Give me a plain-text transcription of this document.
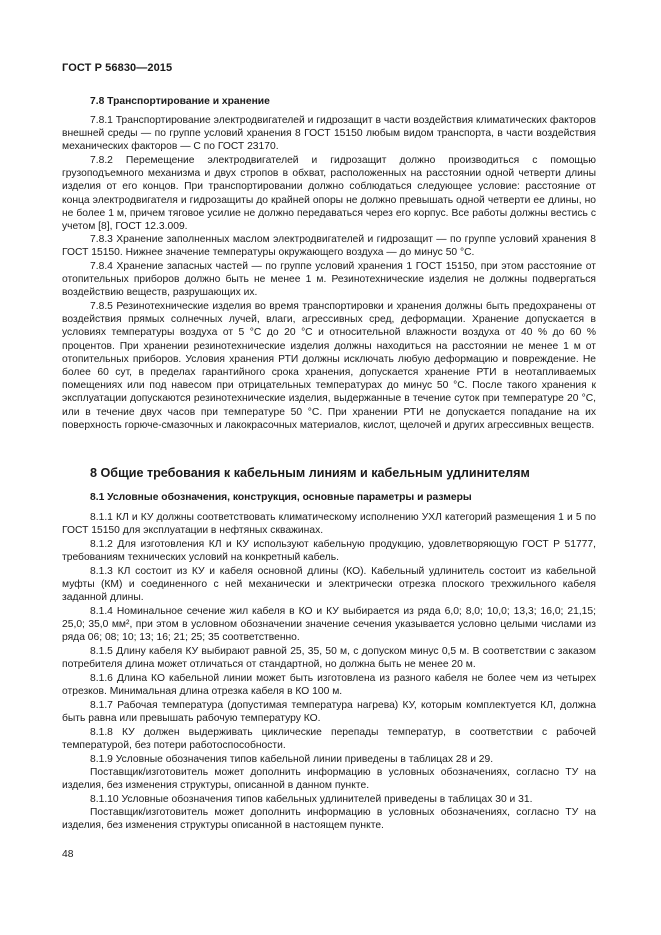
ГОСТ Р 56830—2015
7.8 Транспортирование и хранение

7.8.1 Транспортирование электродвигателей и гидрозащит в части воздействия климатических факторов внешней среды — по группе условий хранения 8 ГОСТ 15150 любым видом транспорта, в части воздействия механических факторов — С по ГОСТ 23170.

7.8.2 Перемещение электродвигателей и гидрозащит должно производиться с помощью грузоподъемного механизма и двух стропов в обхват, расположенных на расстоянии одной четверти длины изделия от его концов. При транспортировании должно соблюдаться следующее условие: расстояние от конца электродвигателя и гидрозащиты до крайней опоры не должно превышать одной четверти ее длины, но не более 1 м, причем тяговое усилие не должно передаваться через его корпус. Все работы должны вестись с учетом [8], ГОСТ 12.3.009.

7.8.3 Хранение заполненных маслом электродвигателей и гидрозащит — по группе условий хранения 8 ГОСТ 15150. Нижнее значение температуры окружающего воздуха — до минус 50 °С.

7.8.4 Хранение запасных частей — по группе условий хранения 1 ГОСТ 15150, при этом расстояние от отопительных приборов должно быть не менее 1 м. Резинотехнические изделия не должны подвергаться воздействию веществ, разрушающих их.

7.8.5 Резинотехнические изделия во время транспортировки и хранения должны быть предохранены от воздействия прямых солнечных лучей, влаги, агрессивных сред, деформации. Хранение допускается в условиях температуры воздуха от 5 °С до 20 °С и относительной влажности воздуха от 40 % до 60 % процентов. При хранении резинотехнические изделия должны находиться на расстоянии не менее 1 м от отопительных приборов. Условия хранения РТИ должны исключать любую деформацию и повреждение. Не более 60 сут, в пределах гарантийного срока хранения, допускается хранение РТИ в неотапливаемых помещениях или под навесом при отрицательных температурах до минус 50 °С. После такого хранения к эксплуатации допускаются резинотехнические изделия, выдержанные в течение суток при температуре 20 °С, или в течение двух часов при температуре 50 °С. При хранении РТИ не допускается попадание на их поверхность горюче-смазочных и лакокрасочных материалов, кислот, щелочей и других агрессивных веществ.

8 Общие требования к кабельным линиям и кабельным удлинителям
8.1 Условные обозначения, конструкция, основные параметры и размеры

8.1.1 КЛ и КУ должны соответствовать климатическому исполнению УХЛ категорий размещения 1 и 5 по ГОСТ 15150 для эксплуатации в нефтяных скважинах.

8.1.2 Для изготовления КЛ и КУ используют кабельную продукцию, удовлетворяющую ГОСТ Р 51777, требованиям технических условий на конкретный кабель.

8.1.3 КЛ состоит из КУ и кабеля основной длины (КО). Кабельный удлинитель состоит из кабельной муфты (КМ) и соединенного с ней механически и электрически отрезка плоского трехжильного кабеля заданной длины.

8.1.4 Номинальное сечение жил кабеля в КО и КУ выбирается из ряда 6,0; 8,0; 10,0; 13,3; 16,0; 21,15; 25,0; 35,0 мм², при этом в условном обозначении значение сечения указывается условно целыми числами из ряда 06; 08; 10; 13; 16; 21; 25; 35 соответственно.

8.1.5 Длину кабеля КУ выбирают равной 25, 35, 50 м, с допуском минус 0,5 м. В соответствии с заказом потребителя длина может отличаться от стандартной, но должна быть не менее 20 м.

8.1.6 Длина КО кабельной линии может быть изготовлена из разного кабеля не более чем из четырех отрезков. Минимальная длина отрезка кабеля в КО 100 м.

8.1.7 Рабочая температура (допустимая температура нагрева) КУ, которым комплектуется КЛ, должна быть равна или превышать рабочую температуру КО.

8.1.8 КУ должен выдерживать циклические перепады температур, в соответствии с рабочей температурой, без потери работоспособности.

8.1.9 Условные обозначения типов кабельной линии приведены в таблицах 28 и 29.

Поставщик/изготовитель может дополнить информацию в условных обозначениях, согласно ТУ на изделия, без изменения структуры, описанной в данном пункте.

8.1.10 Условные обозначения типов кабельных удлинителей приведены в таблицах 30 и 31.

Поставщик/изготовитель может дополнить информацию в условных обозначениях, согласно ТУ на изделия, без изменения структуры описанной в настоящем пункте.

48
